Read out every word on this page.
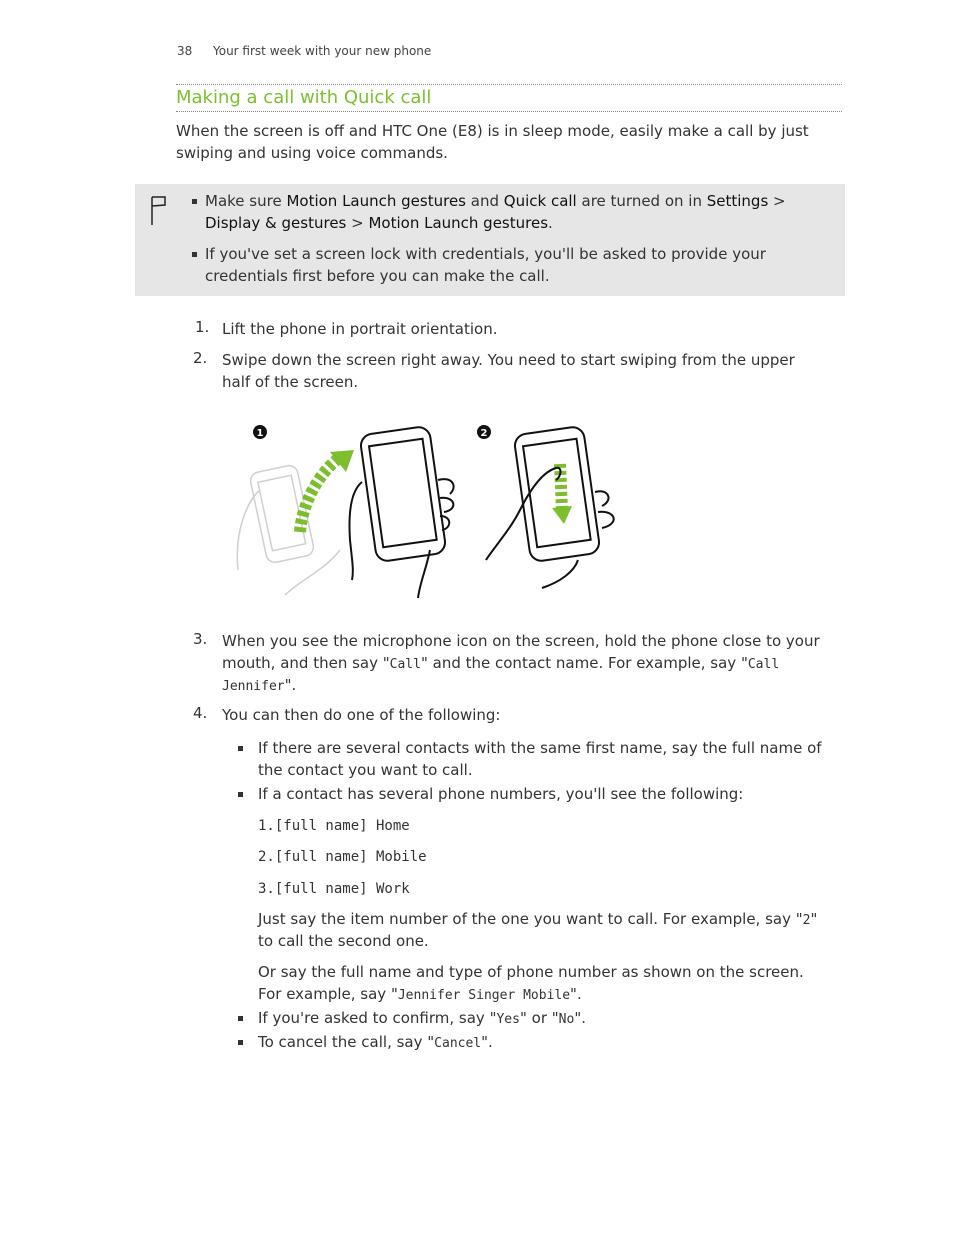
38 Your first week with your new phone
Making a call with Quick call
When the screen is off and HTC One (E8) is in sleep mode, easily make a call by just
swiping and using voice commands.
Make sure Motion Launch gestures and Quick call are turned on in Settings >
Display & gestures > Motion Launch gestures.
If you've set a screen lock with credentials, you'll be asked to provide your
credentials first before you can make the call.
1. Lift the phone in portrait orientation.
2. Swipe down the screen right away. You need to start swiping from the upper
half of the screen.
1	2
3. When you see the microphone icon on the screen, hold the phone close to your
mouth, and then say "Call" and the contact name. For example, say "Call
Jennifer".
4. You can then do one of the following:
If there are several contacts with the same first name, say the full name of
the contact you want to call.
If a contact has several phone numbers, you'll see the following:
1.[full name] Home
2.[full name] Mobile
3.[full name] Work
Just say the item number of the one you want to call. For example, say "2"
to call the second one.
Or say the full name and type of phone number as shown on the screen.
For example, say "Jennifer Singer Mobile".
If you're asked to confirm, say "Yes" or "No".
To cancel the call, say "Cancel".
